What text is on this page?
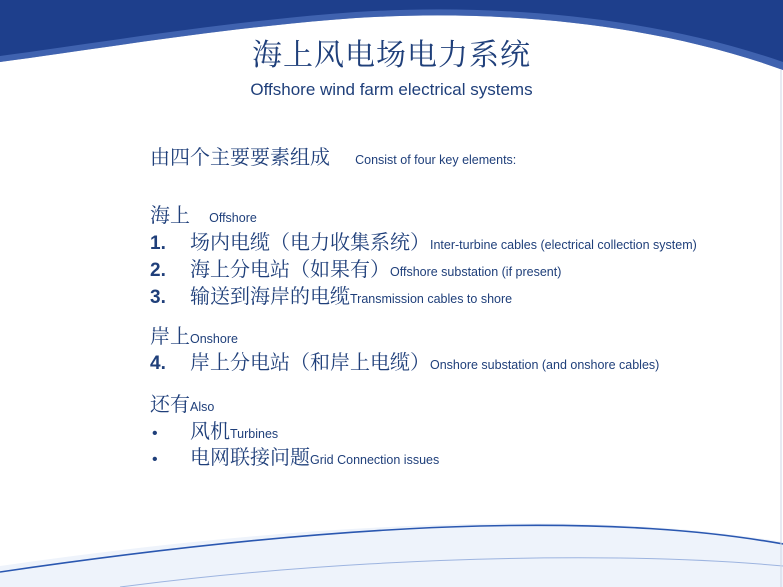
海上风电场电力系统
Offshore wind farm electrical systems
由四个主要要素组成 Consist of four key elements:
海上 Offshore
1. 场内电缆（电力收集系统）Inter-turbine cables (electrical collection system)
2. 海上分电站（如果有）Offshore substation (if present)
3. 输送到海岸的电缆Transmission cables to shore
岸上Onshore
4. 岸上分电站（和岸上电缆）Onshore substation (and onshore cables)
还有Also
• 风机Turbines
• 电网联接问题Grid Connection issues
